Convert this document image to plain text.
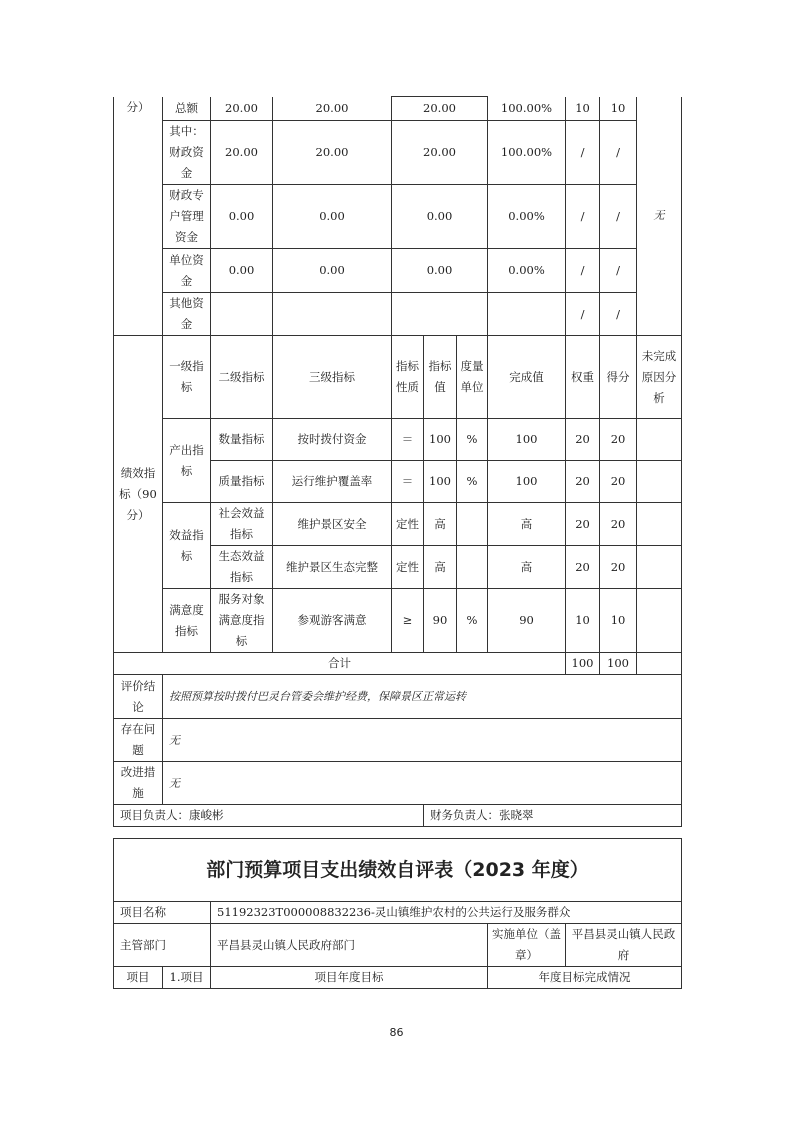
分）	总额	20.00	20.00	20.00			100.00%	10	10	无
	其中：财政资金	20.00	20.00	20.00			100.00%	/	/	
	财政专户管理资金	0.00	0.00	0.00			0.00%	/	/	
	单位资金	0.00	0.00	0.00			0.00%	/	/	
	其他资金							/	/	
绩效指标（90分）	一级指标	二级指标	三级指标	指标性质	指标值	度量单位	完成值	权重	得分	未完成原因分析
	产出指标	数量指标	按时拨付资金	＝	100	%	100	20	20	
		质量指标	运行维护覆盖率	＝	100	%	100	20	20	
	效益指标	社会效益指标	维护景区安全	定性	高		高	20	20	
		生态效益指标	维护景区生态完整	定性	高		高	20	20	
	满意度指标	服务对象满意度指标	参观游客满意	≥	90	%	90	10	10	
合计								100	100	
评价结论	按照预算按时拨付巴灵台管委会维护经费，保障景区正常运转									
存在问题	无									
改进措施	无									
项目负责人：康峻彬					财务负责人：张晓翠					
部门预算项目支出绩效自评表（2023 年度）				
项目名称		51192323T000008832236-灵山镇维护农村的公共运行及服务群众		
主管部门		平昌县灵山镇人民政府部门	实施单位（盖章）	平昌县灵山镇人民政府
项目	1.项目	项目年度目标	年度目标完成情况	
86
